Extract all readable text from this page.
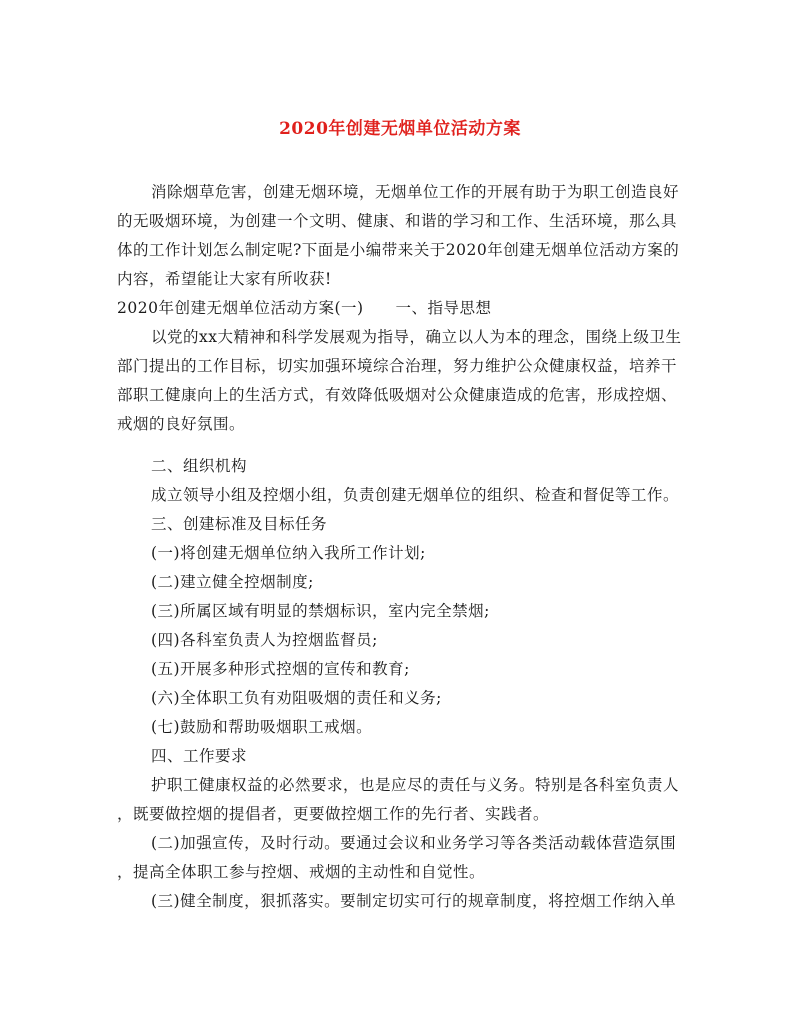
2020年创建无烟单位活动方案
消除烟草危害，创建无烟环境，无烟单位工作的开展有助于为职工创造良好
的无吸烟环境，为创建一个文明、健康、和谐的学习和工作、生活环境，那么具
体的工作计划怎么制定呢?下面是小编带来关于2020年创建无烟单位活动方案的
内容，希望能让大家有所收获!
2020年创建无烟单位活动方案(一)　　一、指导思想
以党的xx大精神和科学发展观为指导，确立以人为本的理念，围绕上级卫生
部门提出的工作目标，切实加强环境综合治理，努力维护公众健康权益，培养干
部职工健康向上的生活方式，有效降低吸烟对公众健康造成的危害，形成控烟、
戒烟的良好氛围。
二、组织机构
成立领导小组及控烟小组，负责创建无烟单位的组织、检查和督促等工作。
三、创建标准及目标任务
(一)将创建无烟单位纳入我所工作计划;
(二)建立健全控烟制度;
(三)所属区域有明显的禁烟标识，室内完全禁烟;
(四)各科室负责人为控烟监督员;
(五)开展多种形式控烟的宣传和教育;
(六)全体职工负有劝阻吸烟的责任和义务;
(七)鼓励和帮助吸烟职工戒烟。
四、工作要求
护职工健康权益的必然要求，也是应尽的责任与义务。特别是各科室负责人
，既要做控烟的提倡者，更要做控烟工作的先行者、实践者。
(二)加强宣传，及时行动。要通过会议和业务学习等各类活动载体营造氛围
，提高全体职工参与控烟、戒烟的主动性和自觉性。
(三)健全制度，狠抓落实。要制定切实可行的规章制度，将控烟工作纳入单
